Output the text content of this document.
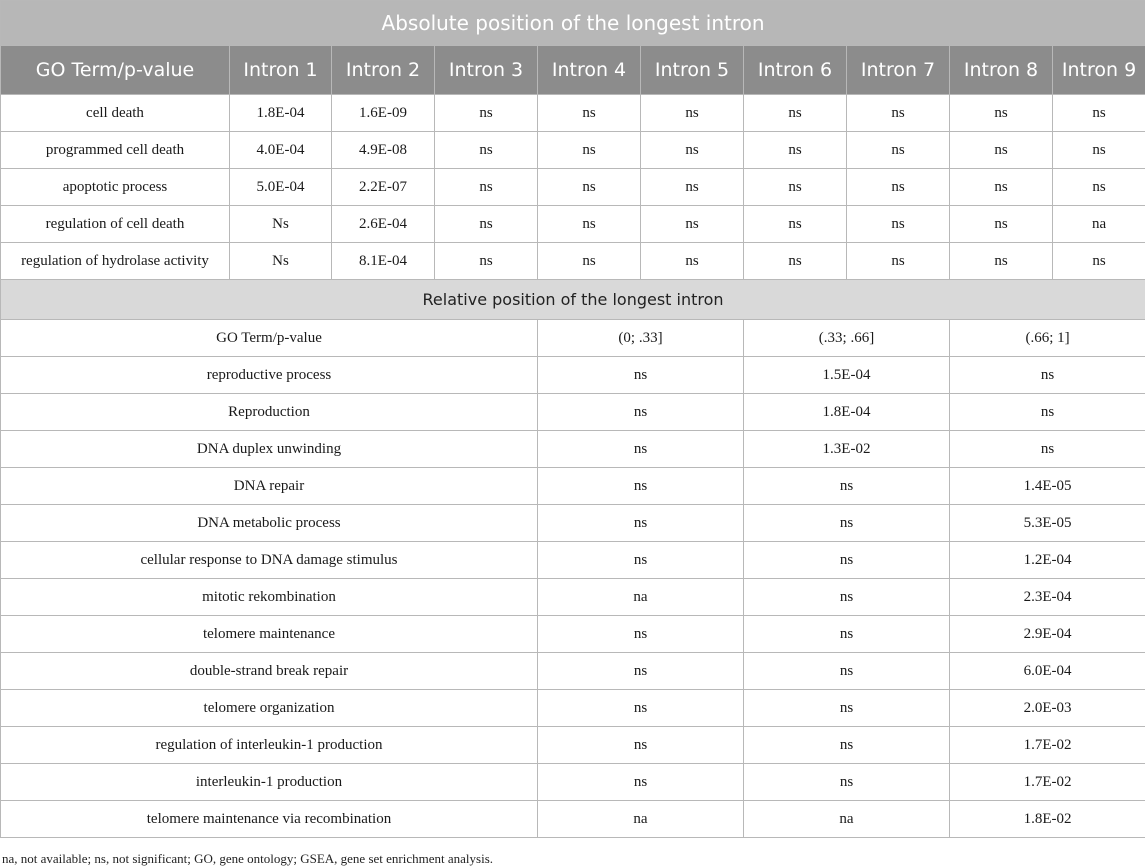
Absolute position of the longest intron									
GO Term/p-value	Intron 1	Intron 2	Intron 3	Intron 4	Intron 5	Intron 6	Intron 7	Intron 8	Intron 9
cell death	1.8E-04	1.6E-09	ns	ns	ns	ns	ns	ns	ns
programmed cell death	4.0E-04	4.9E-08	ns	ns	ns	ns	ns	ns	ns
apoptotic process	5.0E-04	2.2E-07	ns	ns	ns	ns	ns	ns	ns
regulation of cell death	Ns	2.6E-04	ns	ns	ns	ns	ns	ns	na
regulation of hydrolase activity	Ns	8.1E-04	ns	ns	ns	ns	ns	ns	ns
Relative position of the longest intron									
GO Term/p-value				(0; .33]		(.33; .66]		(.66; 1]	
reproductive process				ns		1.5E-04		ns	
Reproduction				ns		1.8E-04		ns	
DNA duplex unwinding				ns		1.3E-02		ns	
DNA repair				ns		ns		1.4E-05	
DNA metabolic process				ns		ns		5.3E-05	
cellular response to DNA damage stimulus				ns		ns		1.2E-04	
mitotic rekombination				na		ns		2.3E-04	
telomere maintenance				ns		ns		2.9E-04	
double-strand break repair				ns		ns		6.0E-04	
telomere organization				ns		ns		2.0E-03	
regulation of interleukin-1 production				ns		ns		1.7E-02	
interleukin-1 production				ns		ns		1.7E-02	
telomere maintenance via recombination				na		na		1.8E-02	
na, not available; ns, not significant; GO, gene ontology; GSEA, gene set enrichment analysis.
